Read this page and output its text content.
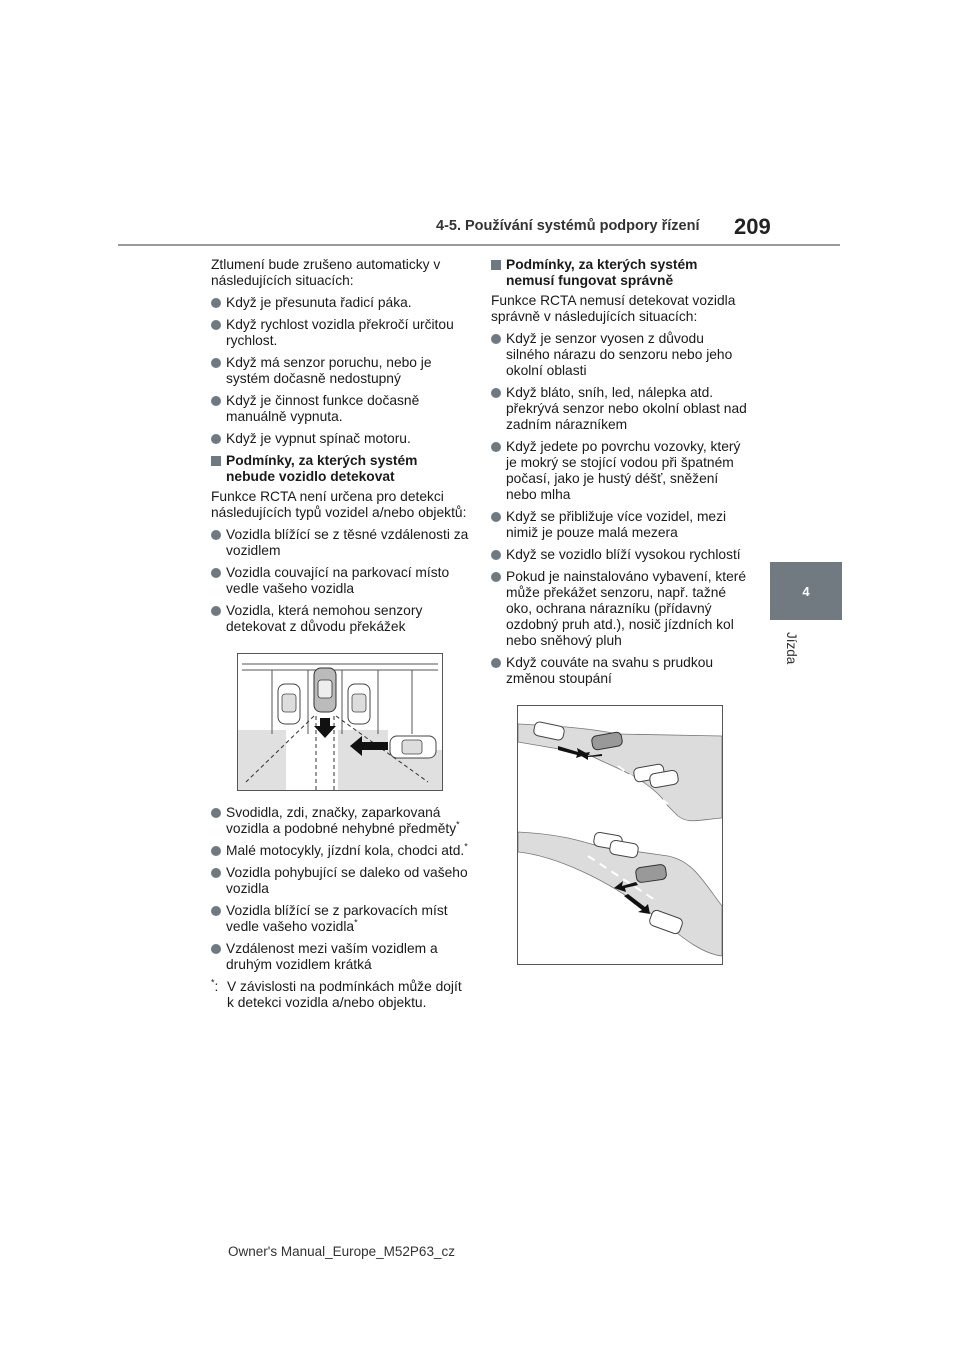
4-5. Používání systémů podpory řízení 209
4
Jízda

Ztlumení bude zrušeno automaticky v následujících situacích:

Když je přesunuta řadicí páka.
Když rychlost vozidla překročí určitou rychlost.
Když má senzor poruchu, nebo je systém dočasně nedostupný
Když je činnost funkce dočasně manuálně vypnuta.
Když je vypnut spínač motoru.
Podmínky, za kterých systém nebude vozidlo detekovat

Funkce RCTA není určena pro detekci následujících typů vozidel a/nebo objektů:

Vozidla blížící se z těsné vzdálenosti za vozidlem
Vozidla couvající na parkovací místo vedle vašeho vozidla
Vozidla, která nemohou senzory detekovat z důvodu překážek
Svodidla, zdi, značky, zaparkovaná vozidla a podobné nehybné předměty*
Malé motocykly, jízdní kola, chodci atd.*
Vozidla pohybující se daleko od vašeho vozidla
Vozidla blížící se z parkovacích míst vedle vašeho vozidla*
Vzdálenost mezi vaším vozidlem a druhým vozidlem krátká
*: V závislosti na podmínkách může dojít k detekci vozidla a/nebo objektu.
Podmínky, za kterých systém nemusí fungovat správně

Funkce RCTA nemusí detekovat vozidla správně v následujících situacích:

Když je senzor vyosen z důvodu silného nárazu do senzoru nebo jeho okolní oblasti
Když bláto, sníh, led, nálepka atd. překrývá senzor nebo okolní oblast nad zadním nárazníkem
Když jedete po povrchu vozovky, který je mokrý se stojící vodou při špatném počasí, jako je hustý déšť, sněžení nebo mlha
Když se přibližuje více vozidel, mezi nimiž je pouze malá mezera
Když se vozidlo blíží vysokou rychlostí
Pokud je nainstalováno vybavení, které může překážet senzoru, např. tažné oko, ochrana nárazníku (přídavný ozdobný pruh atd.), nosič jízdních kol nebo sněhový pluh
Když couváte na svahu s prudkou změnou stoupání
Owner's Manual_Europe_M52P63_cz
